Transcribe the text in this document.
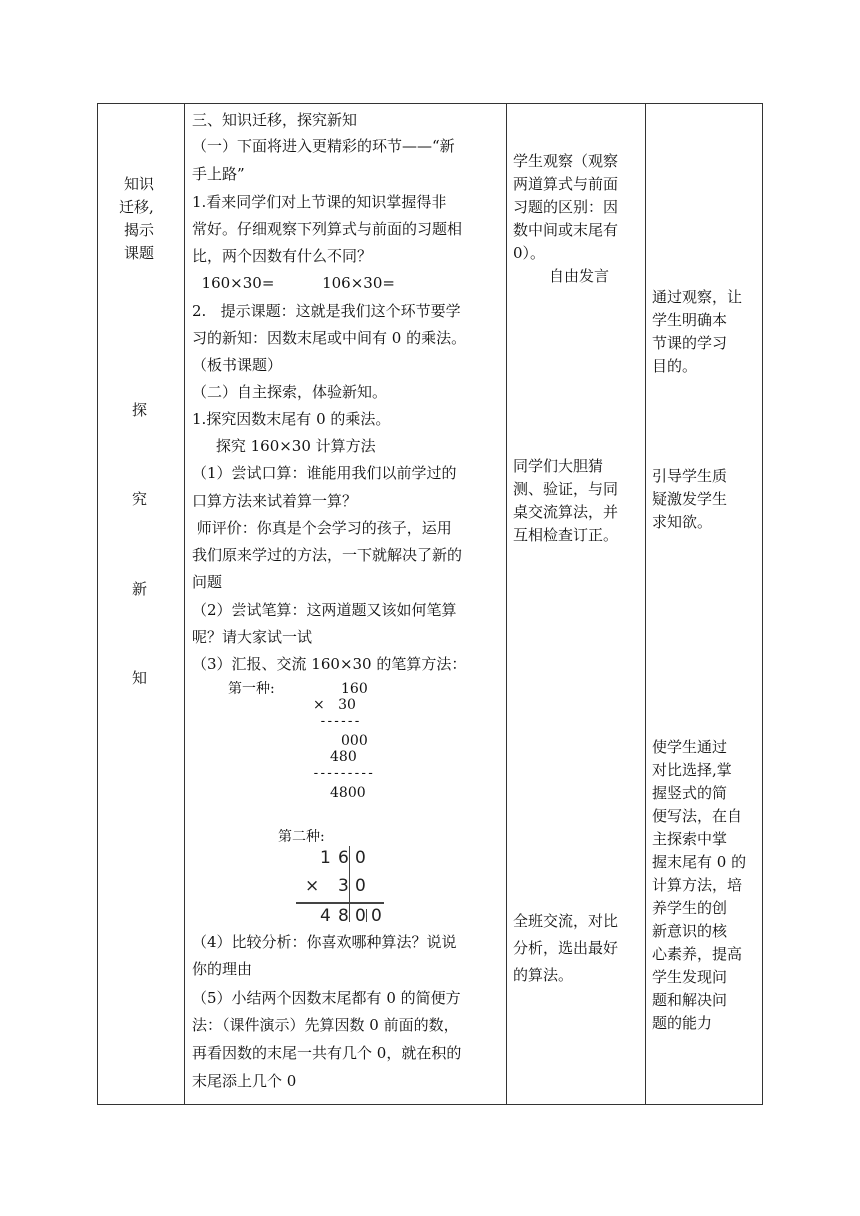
知识
迁移,
揭示
课题
探
究
新
知
三、知识迁移，探究新知
（一）下面将进入更精彩的环节——“新
手上路”
1.看来同学们对上节课的知识掌握得非
常好。仔细观察下列算式与前面的习题相
比，两个因数有什么不同？
160×30=          106×30=
2.   提示课题：这就是我们这个环节要学
习的新知：因数末尾或中间有 0 的乘法。
（板书课题）
（二）自主探索，体验新知。
1.探究因数末尾有 0 的乘法。
探究 160×30 计算方法
（1）尝试口算：谁能用我们以前学过的
口算方法来试着算一算？
师评价：你真是个会学习的孩子，运用
我们原来学过的方法，一下就解决了新的
问题
（2）尝试笔算：这两道题又该如何笔算
呢？请大家试一试
（3）汇报、交流 160×30 的笔算方法：
第一种:	160
×   30
------
000
480
---------
4800
第二种:
1 6 0
× 3 0
4 8 0 0
（4）比较分析：你喜欢哪种算法？说说
你的理由
（5）小结两个因数末尾都有 0 的简便方
法：（课件演示）先算因数 0 前面的数，
再看因数的末尾一共有几个 0，就在积的
末尾添上几个 0
学生观察（观察
两道算式与前面
习题的区别：因
数中间或末尾有
0）。
自由发言
同学们大胆猜
测、验证，与同
桌交流算法，并
互相检查订正。
全班交流，对比
分析，选出最好
的算法。
通过观察，让
学生明确本
节课的学习
目的。
引导学生质
疑激发学生
求知欲。
使学生通过
对比选择,掌
握竖式的简
便写法，在自
主探索中掌
握末尾有 0 的
计算方法，培
养学生的创
新意识的核
心素养，提高
学生发现问
题和解决问
题的能力
